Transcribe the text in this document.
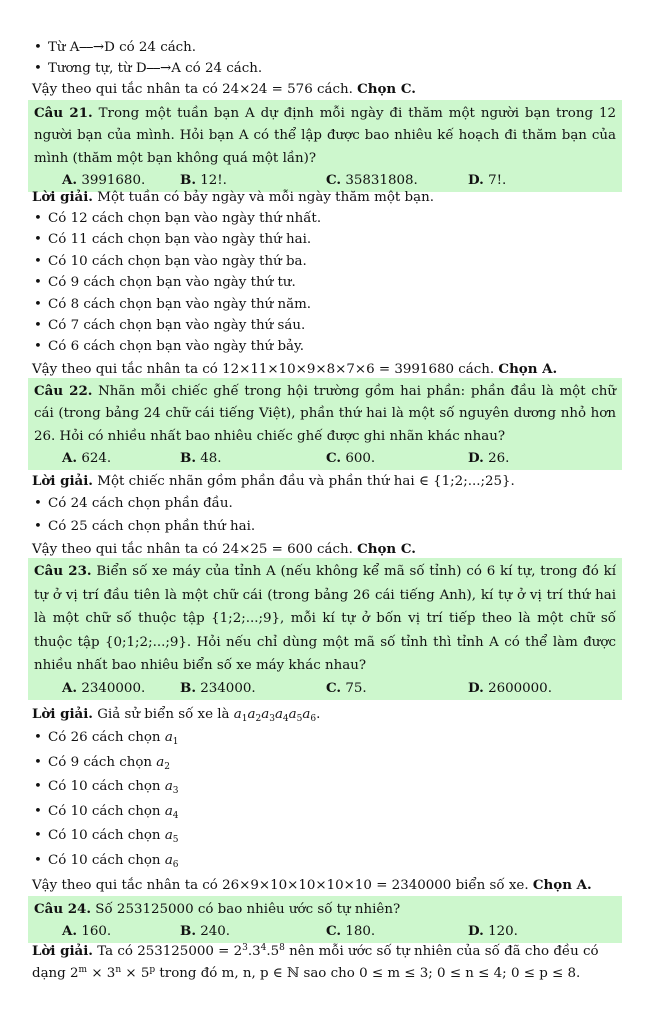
• Từ A⎯⎯→D có 24 cách.
• Tương tự, từ D⎯⎯→A có 24 cách.
Vậy theo qui tắc nhân ta có 24×24 = 576 cách. Chọn C.
Câu 21. Trong một tuần bạn A dự định mỗi ngày đi thăm một người bạn trong 12 người bạn của mình. Hỏi bạn A có thể lập được bao nhiêu kế hoạch đi thăm bạn của mình (thăm một bạn không quá một lần)?
A. 3991680.	B. 12!.	C. 35831808.	D. 7!.
Lời giải. Một tuần có bảy ngày và mỗi ngày thăm một bạn.
• Có 12 cách chọn bạn vào ngày thứ nhất.
• Có 11 cách chọn bạn vào ngày thứ hai.
• Có 10 cách chọn bạn vào ngày thứ ba.
• Có 9 cách chọn bạn vào ngày thứ tư.
• Có 8 cách chọn bạn vào ngày thứ năm.
• Có 7 cách chọn bạn vào ngày thứ sáu.
• Có 6 cách chọn bạn vào ngày thứ bảy.
Vậy theo qui tắc nhân ta có 12×11×10×9×8×7×6 = 3991680 cách. Chọn A.
Câu 22. Nhãn mỗi chiếc ghế trong hội trường gồm hai phần: phần đầu là một chữ cái (trong bảng 24 chữ cái tiếng Việt), phần thứ hai là một số nguyên dương nhỏ hơn 26. Hỏi có nhiều nhất bao nhiêu chiếc ghế được ghi nhãn khác nhau?
A. 624.	B. 48.	C. 600.	D. 26.
Lời giải. Một chiếc nhãn gồm phần đầu và phần thứ hai ∈ {1;2;...;25}.
• Có 24 cách chọn phần đầu.
• Có 25 cách chọn phần thứ hai.
Vậy theo qui tắc nhân ta có 24×25 = 600 cách. Chọn C.
Câu 23. Biển số xe máy của tỉnh A (nếu không kể mã số tỉnh) có 6 kí tự, trong đó kí tự ở vị trí đầu tiên là một chữ cái (trong bảng 26 cái tiếng Anh), kí tự ở vị trí thứ hai là một chữ số thuộc tập {1;2;...;9}, mỗi kí tự ở bốn vị trí tiếp theo là một chữ số thuộc tập {0;1;2;...;9}. Hỏi nếu chỉ dùng một mã số tỉnh thì tỉnh A có thể làm được nhiều nhất bao nhiêu biển số xe máy khác nhau?
A. 2340000.	B. 234000.	C. 75.	D. 2600000.
Lời giải. Giả sử biển số xe là $a_1a_2a_3a_4a_5a_6$.
• Có 26 cách chọn $a_1$
• Có 9 cách chọn $a_2$
• Có 10 cách chọn $a_3$
• Có 10 cách chọn $a_4$
• Có 10 cách chọn $a_5$
• Có 10 cách chọn $a_6$
Vậy theo qui tắc nhân ta có 26×9×10×10×10×10 = 2340000 biển số xe. Chọn A.
Câu 24. Số 253125000 có bao nhiêu ước số tự nhiên?
A. 160.	B. 240.	C. 180.	D. 120.
Lời giải. Ta có $253125000 = 2^3.3^4.5^8$ nên mỗi ước số tự nhiên của số đã cho đều có
dạng $2^m \times 3^n \times 5^p$ trong đó m, n, p ∈ ℕ sao cho 0 ≤ m ≤ 3; 0 ≤ n ≤ 4; 0 ≤ p ≤ 8.
